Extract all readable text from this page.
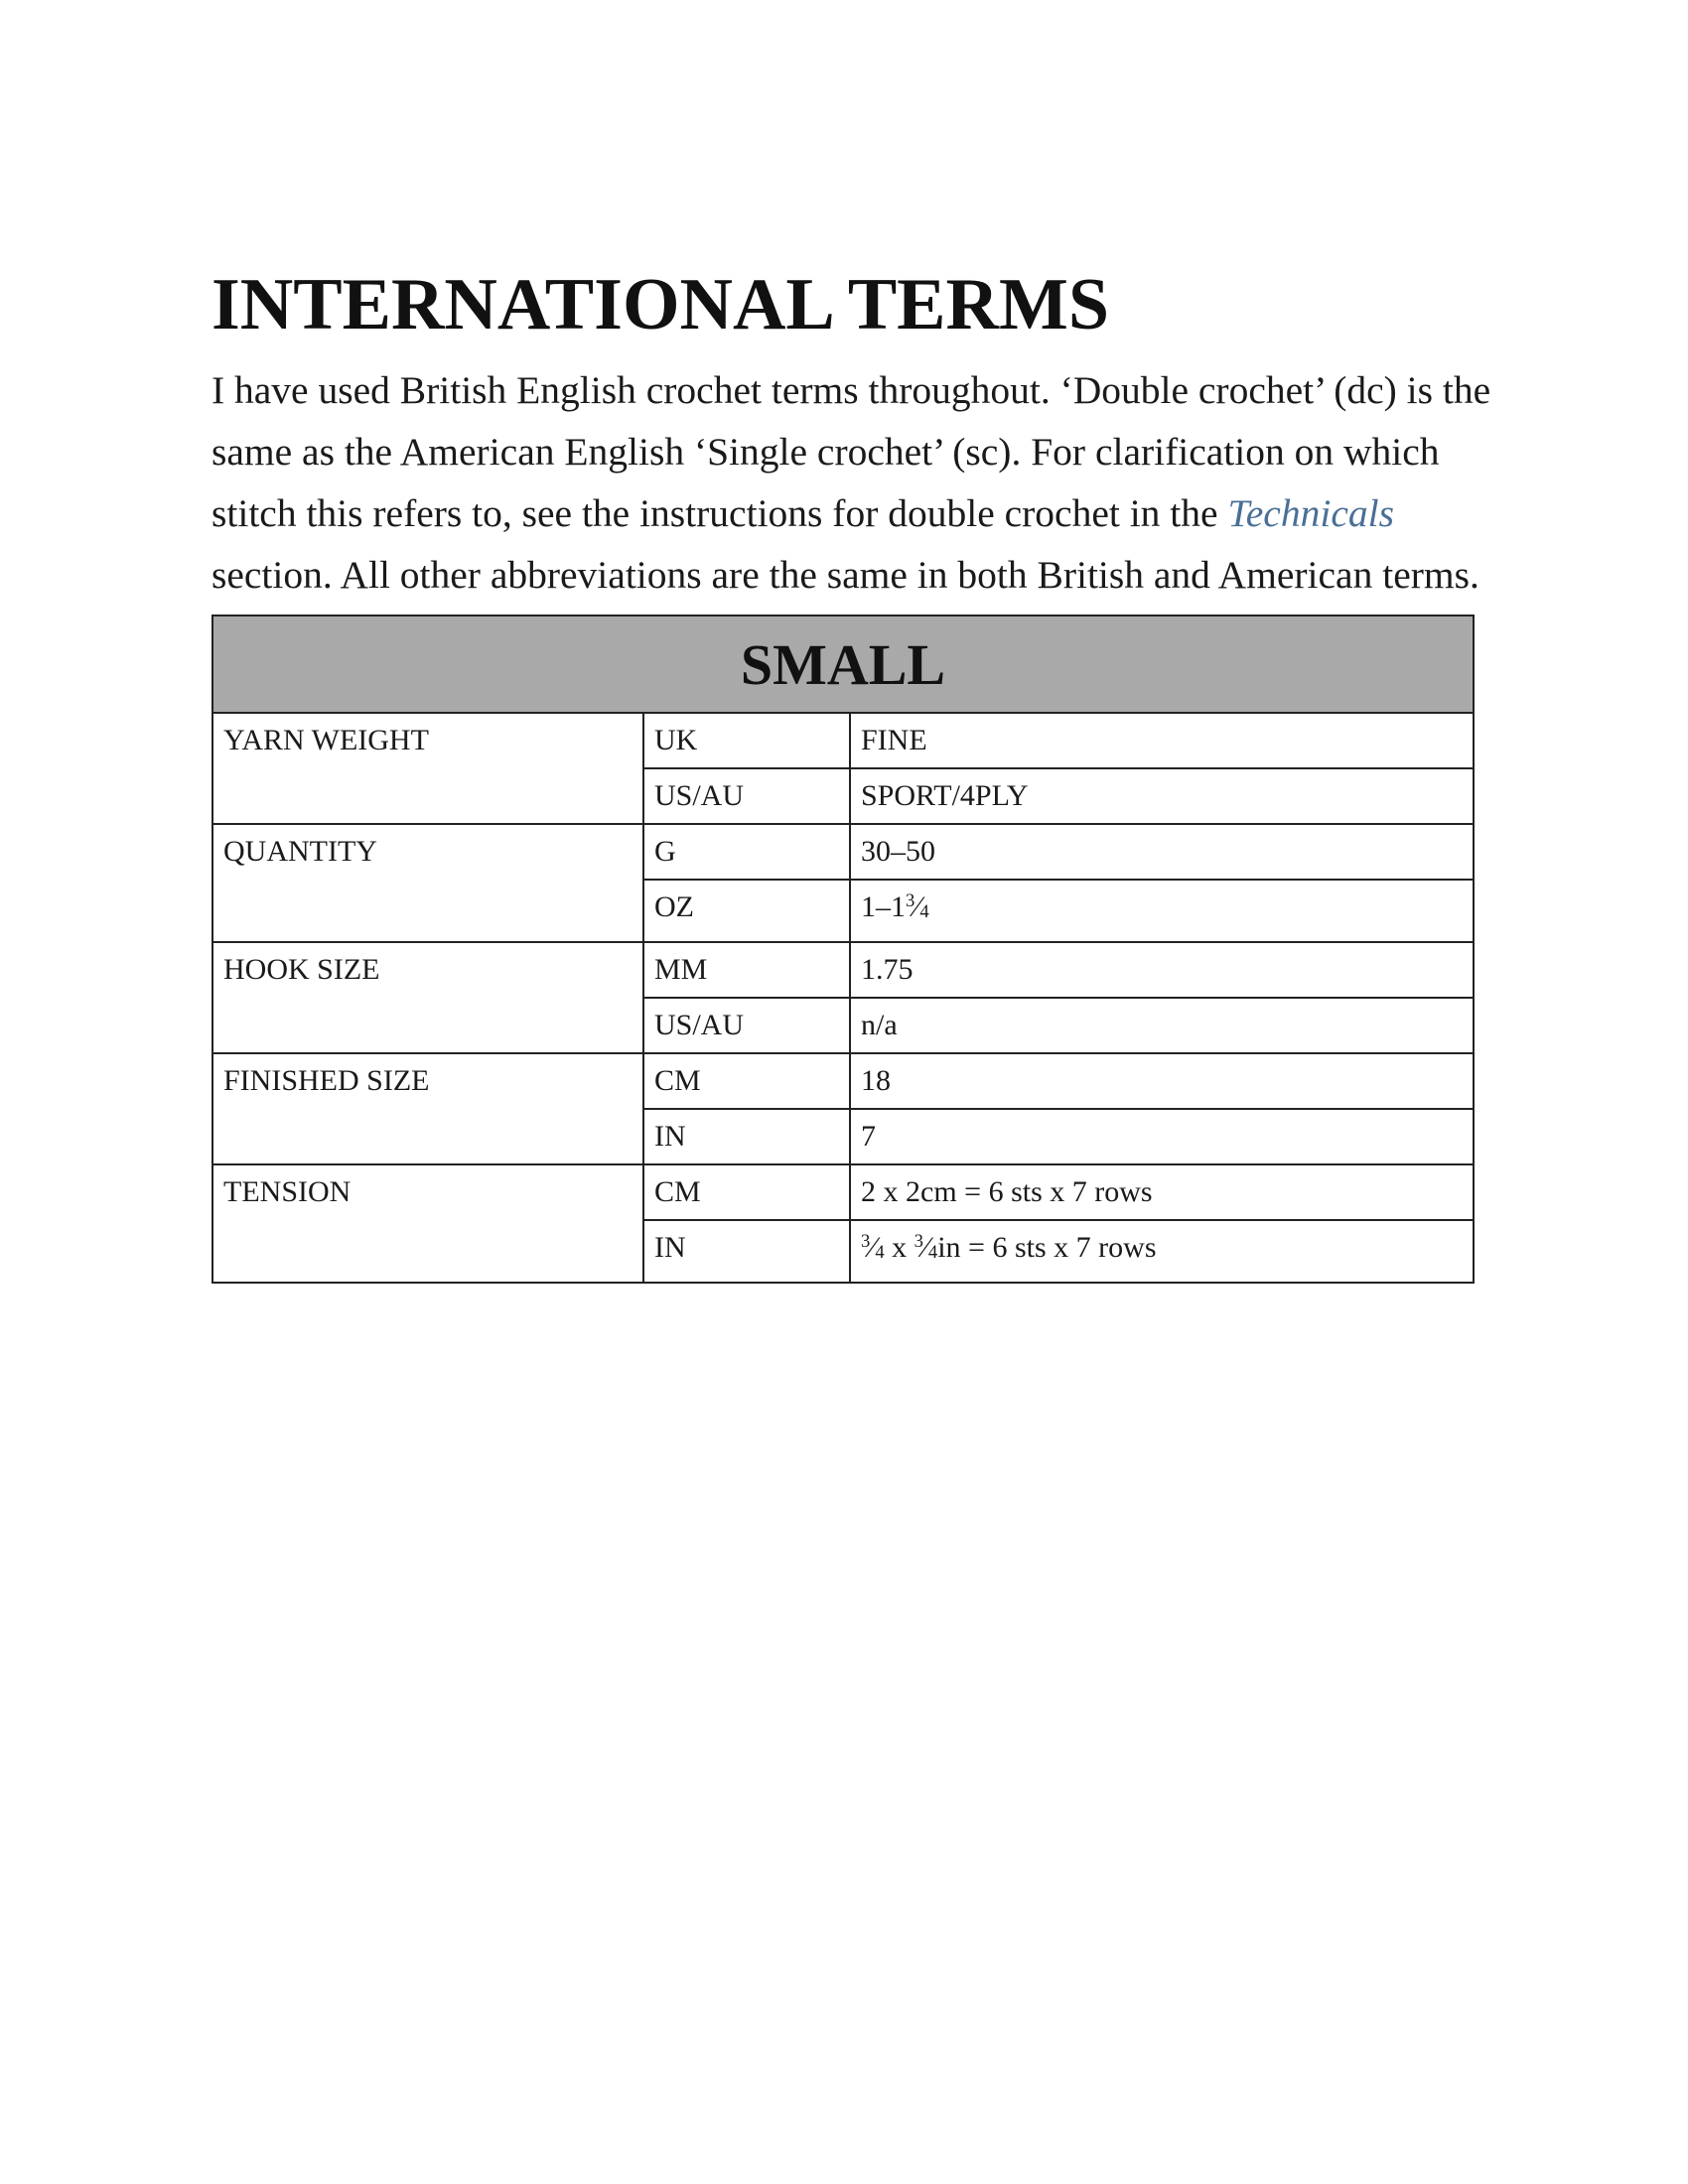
INTERNATIONAL TERMS

I have used British English crochet terms throughout. ‘Double crochet’ (dc) is the same as the American English ‘Single crochet’ (sc). For clarification on which stitch this refers to, see the instructions for double crochet in the Technicals section. All other abbreviations are the same in both British and American terms.

SMALL		
YARN WEIGHT	UK	FINE
	US/AU	SPORT/4PLY
QUANTITY	G	30–50
	OZ	$1-1^3⁄_4$
HOOK SIZE	MM	1.75
	US/AU	n/a
FINISHED SIZE	CM	18
	IN	7
TENSION	CM	2 x 2cm = 6 sts x 7 rows
	IN	$^3⁄_4$ x $^3⁄_4in = 6$ sts x 7 rows
